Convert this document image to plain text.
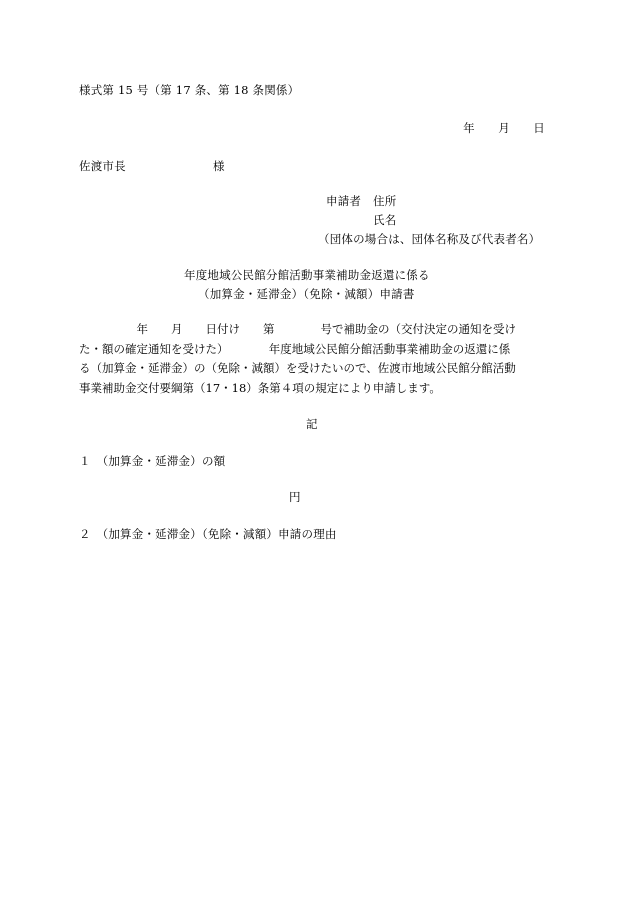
様式第 15 号（第 17 条、第 18 条関係）
年　　月　　日
佐渡市長	様
申請者 住所
氏名
（団体の場合は、団体名称及び代表者名）
年度地域公民館分館活動事業補助金返還に係る
（加算金・延滞金）（免除・減額）申請書
　　　　　年　　月　　日付け　　第　　　　号で補助金の（交付決定の通知を受け
た・額の確定通知を受けた）　　　　年度地域公民館分館活動事業補助金の返還に係
る（加算金・延滞金）の（免除・減額）を受けたいので、佐渡市地域公民館分館活動
事業補助金交付要綱第（17・18）条第４項の規定により申請します。
記
１　（加算金・延滞金）の額
円
２　（加算金・延滞金）（免除・減額）申請の理由
